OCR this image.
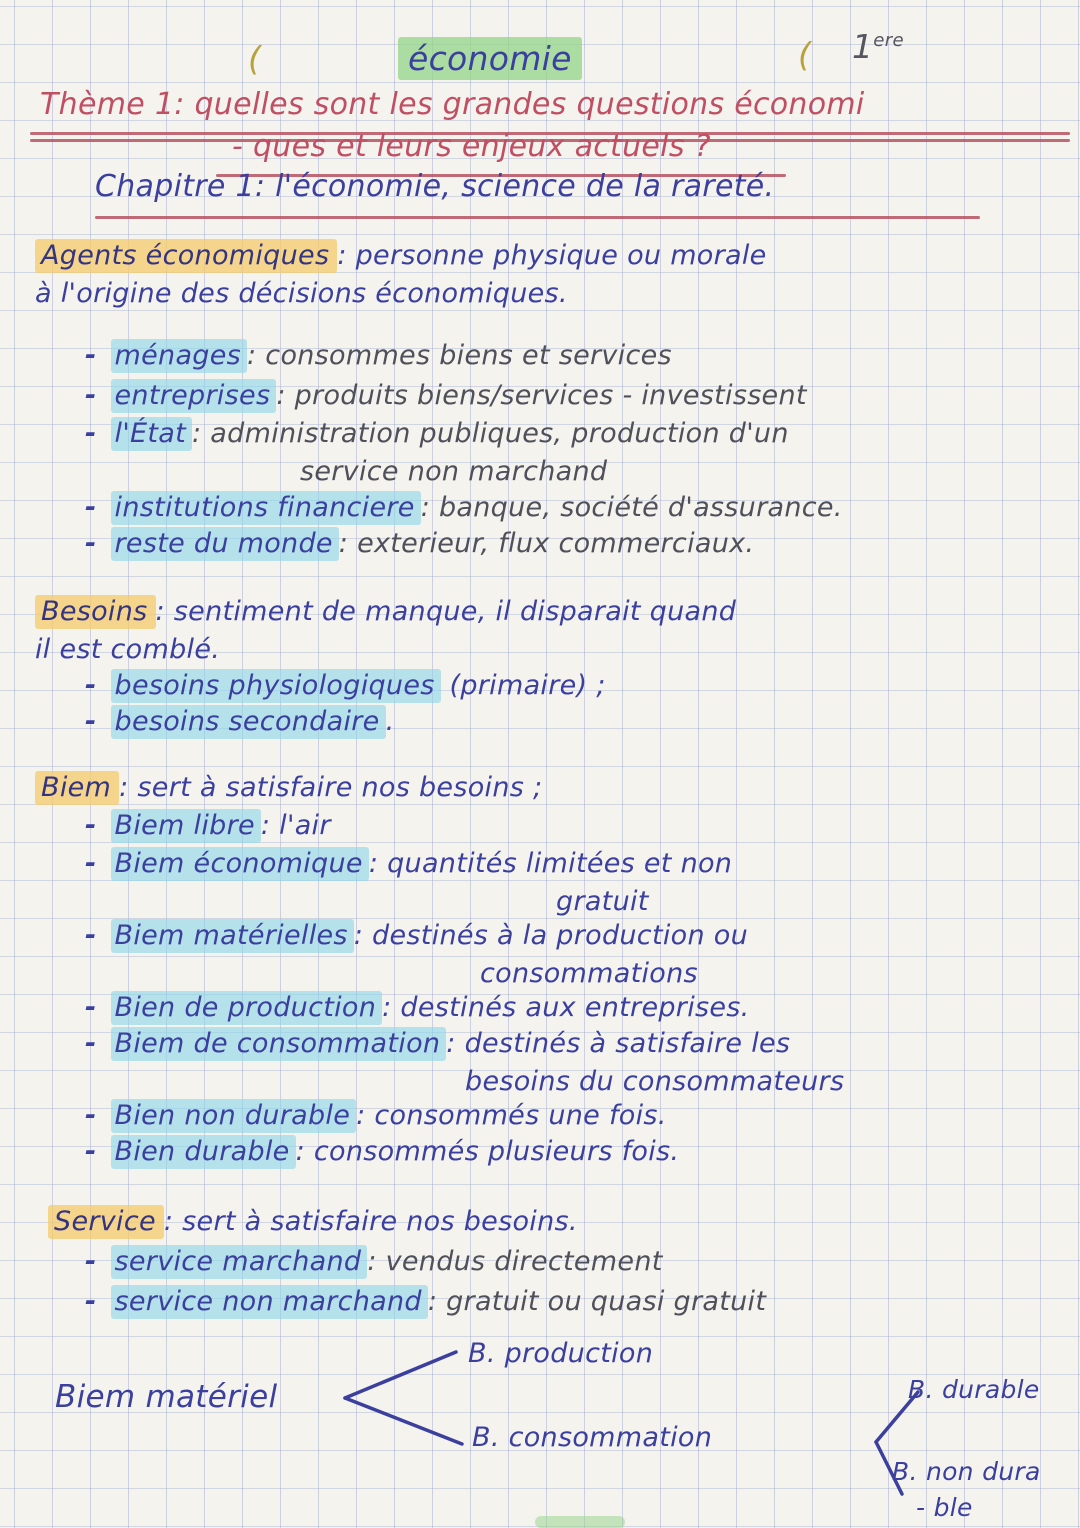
(	économie	( 1ere
Thème 1: quelles sont les grandes questions économi
- ques et leurs enjeux actuels ?
Chapitre 1: l'économie, science de la rareté.
Agents économiques : personne physique ou morale
à l'origine des décisions économiques.
- ménages : consommes biens et services
- entreprises : produits biens/services - investissent
- l'État : administration publiques, production d'un
service non marchand
- institutions financiere : banque, société d'assurance.
- reste du monde : exterieur, flux commerciaux.
Besoins : sentiment de manque, il disparait quand
il est comblé.
- besoins physiologiques (primaire) ;
- besoins secondaire .
Biem : sert à satisfaire nos besoins ;
- Biem libre : l'air
- Biem économique : quantités limitées et non
gratuit
- Biem matérielles : destinés à la production ou
consommations
- Bien de production : destinés aux entreprises.
- Biem de consommation : destinés à satisfaire les
besoins du consommateurs
- Bien non durable : consommés une fois.
- Bien durable : consommés plusieurs fois.
Service : sert à satisfaire nos besoins.
- service marchand : vendus directement
- service non marchand : gratuit ou quasi gratuit
Biem matériel
B. production
B. consommation
B. durable
B. non dura
- ble
